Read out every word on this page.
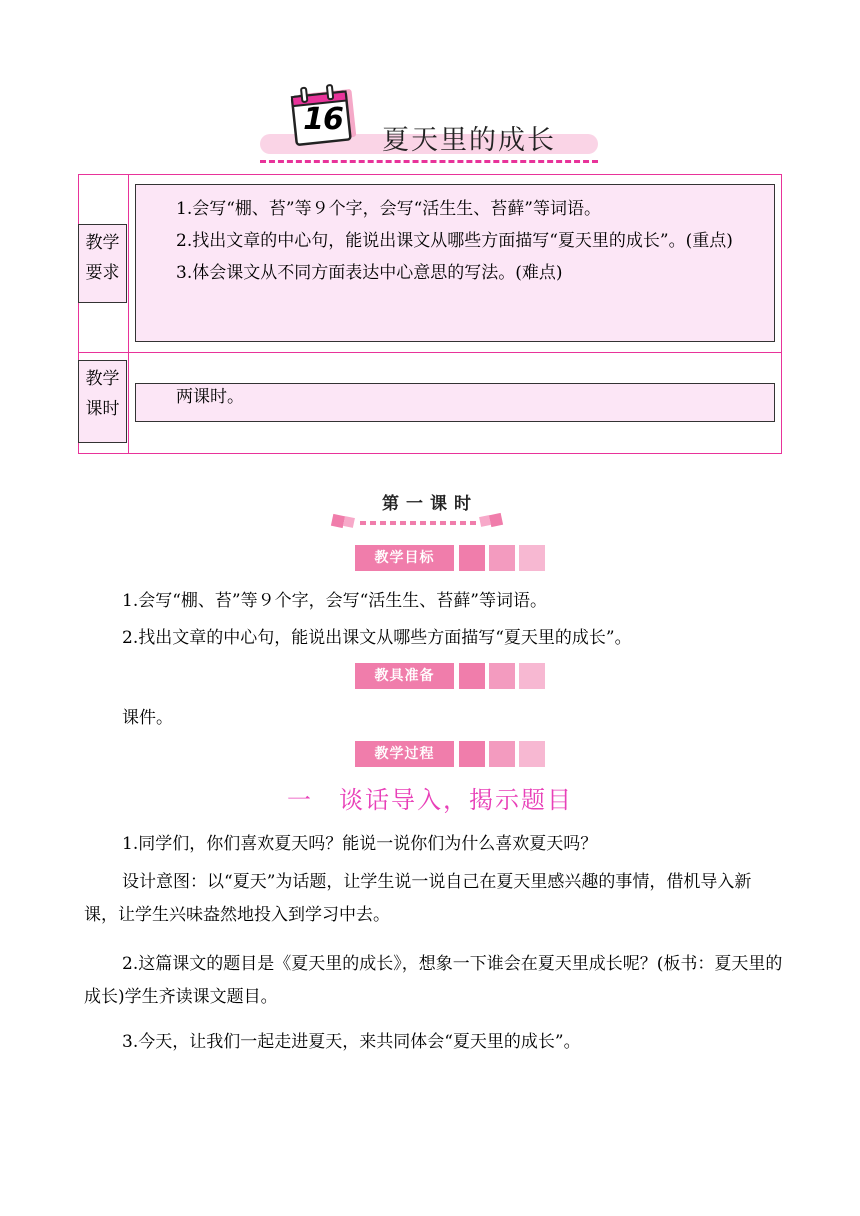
16
夏天里的成长
教学要求

1.会写“棚、苔”等９个字，会写“活生生、苔藓”等词语。

2.找出文章的中心句，能说出课文从哪些方面描写“夏天里的成长”。(重点)

3.体会课文从不同方面表达中心意思的写法。(难点)

教学课时

两课时。

第一课时
教学目标

1.会写“棚、苔”等９个字，会写“活生生、苔藓”等词语。

2.找出文章的中心句，能说出课文从哪些方面描写“夏天里的成长”。

教具准备

课件。

教学过程
一　谈话导入，揭示题目

1.同学们，你们喜欢夏天吗？能说一说你们为什么喜欢夏天吗？

设计意图：以“夏天”为话题，让学生说一说自己在夏天里感兴趣的事情，借机导入新课，让学生兴味盎然地投入到学习中去。

2.这篇课文的题目是《夏天里的成长》，想象一下谁会在夏天里成长呢？(板书：夏天里的成长)学生齐读课文题目。

3.今天，让我们一起走进夏天，来共同体会“夏天里的成长”。
